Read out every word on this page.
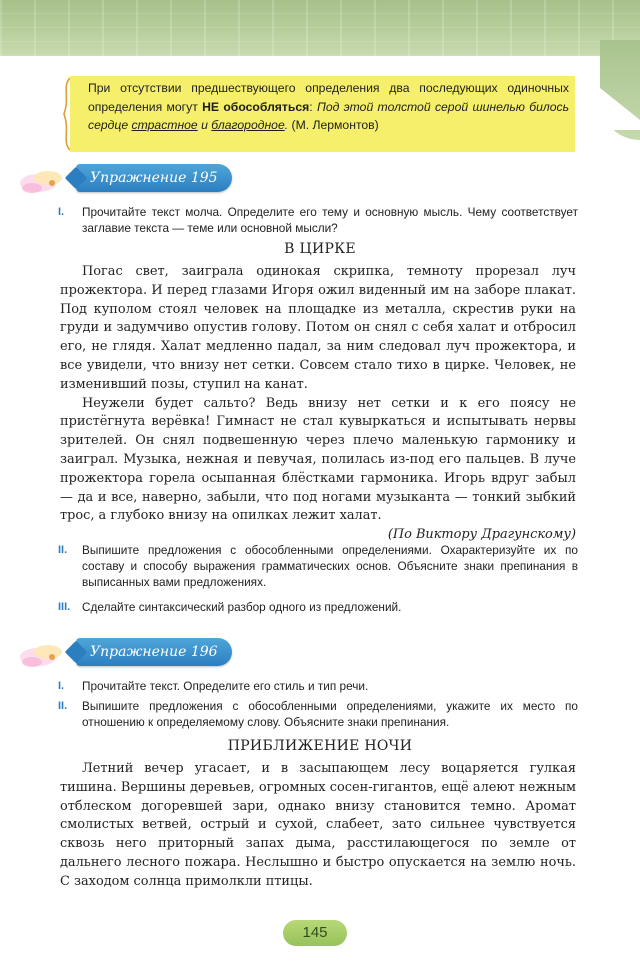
При отсутствии предшествующего определения два последующих одиночных определения могут НЕ обособляться: Под этой толстой серой шинелью билось сердце страстное и благородное. (М. Лермонтов)
Упражнение 195
I. Прочитайте текст молча. Определите его тему и основную мысль. Чему соответствует заглавие текста — теме или основной мысли?
В ЦИРКЕ

Погас свет, заиграла одинокая скрипка, темноту прорезал луч прожектора. И перед глазами Игоря ожил виденный им на заборе плакат. Под куполом стоял человек на площадке из металла, скрестив руки на груди и задумчиво опустив голову. Потом он снял с себя халат и отбросил его, не глядя. Халат медленно падал, за ним следовал луч прожектора, и все увидели, что внизу нет сетки. Совсем стало тихо в цирке. Человек, не изменивший позы, ступил на канат.

Неужели будет сальто? Ведь внизу нет сетки и к его поясу не пристёгнута верёвка! Гимнаст не стал кувыркаться и испытывать нервы зрителей. Он снял подвешенную через плечо маленькую гармонику и заиграл. Музыка, нежная и певучая, полилась из-под его пальцев. В луче прожектора горела осыпанная блёстками гармоника. Игорь вдруг забыл — да и все, наверно, забыли, что под ногами музыканта — тонкий зыбкий трос, а глубоко внизу на опилках лежит халат.

(По Виктору Драгунскому)

II. Выпишите предложения с обособленными определениями. Охарактеризуйте их по составу и способу выражения грамматических основ. Объясните знаки препинания в выписанных вами предложениях.
III. Сделайте синтаксический разбор одного из предложений.
Упражнение 196
I. Прочитайте текст. Определите его стиль и тип речи.
II. Выпишите предложения с обособленными определениями, укажите их место по отношению к определяемому слову. Объясните знаки препинания.
ПРИБЛИЖЕНИЕ НОЧИ

Летний вечер угасает, и в засыпающем лесу воцаряется гулкая тишина. Вершины деревьев, огромных сосен-гигантов, ещё алеют нежным отблеском догоревшей зари, однако внизу становится темно. Аромат смолистых ветвей, острый и сухой, слабеет, зато сильнее чувствуется сквозь него приторный запах дыма, расстилающегося по земле от дальнего лесного пожара. Неслышно и быстро опускается на землю ночь. С заходом солнца примолкли птицы.

145
